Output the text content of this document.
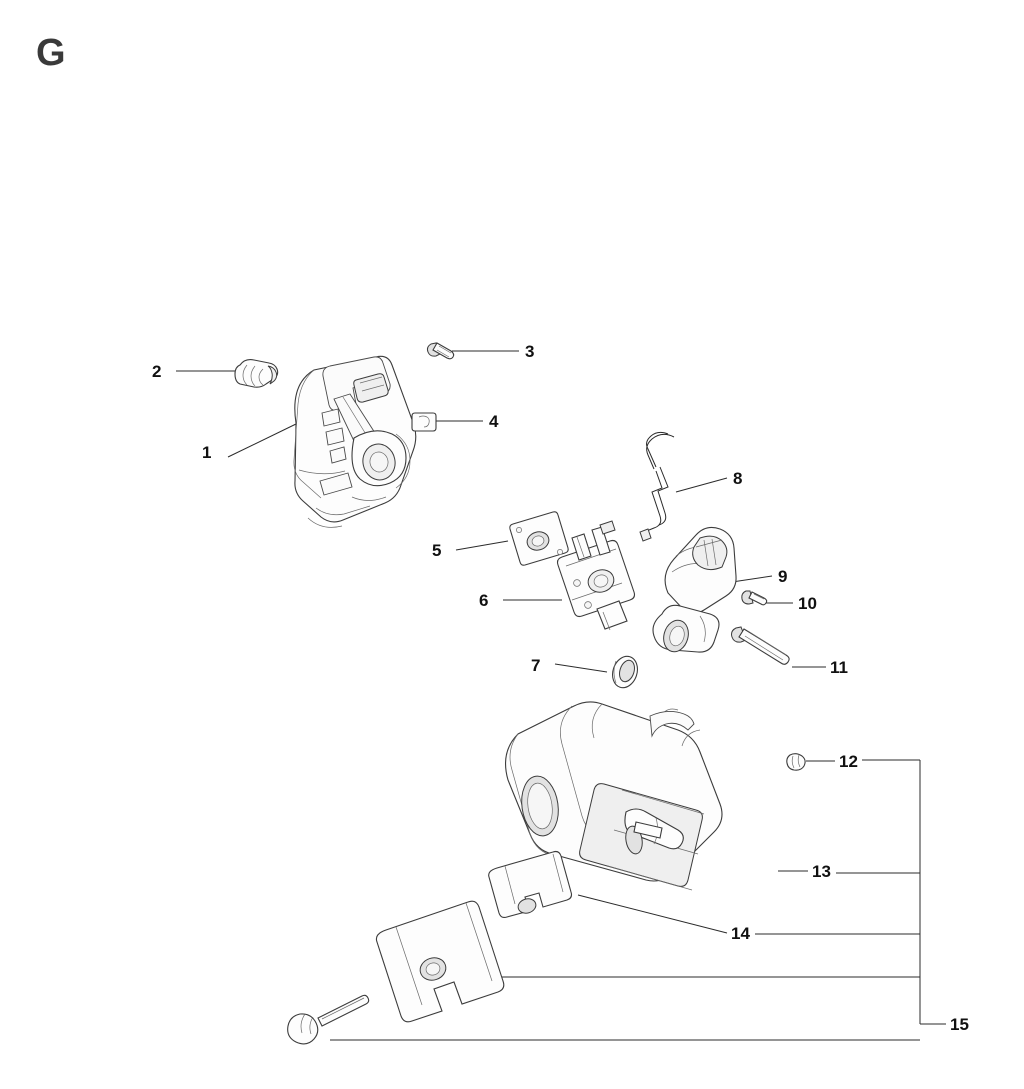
G
1
2
3
4
5
6
7
8
9
10
11
12
13
14
15
